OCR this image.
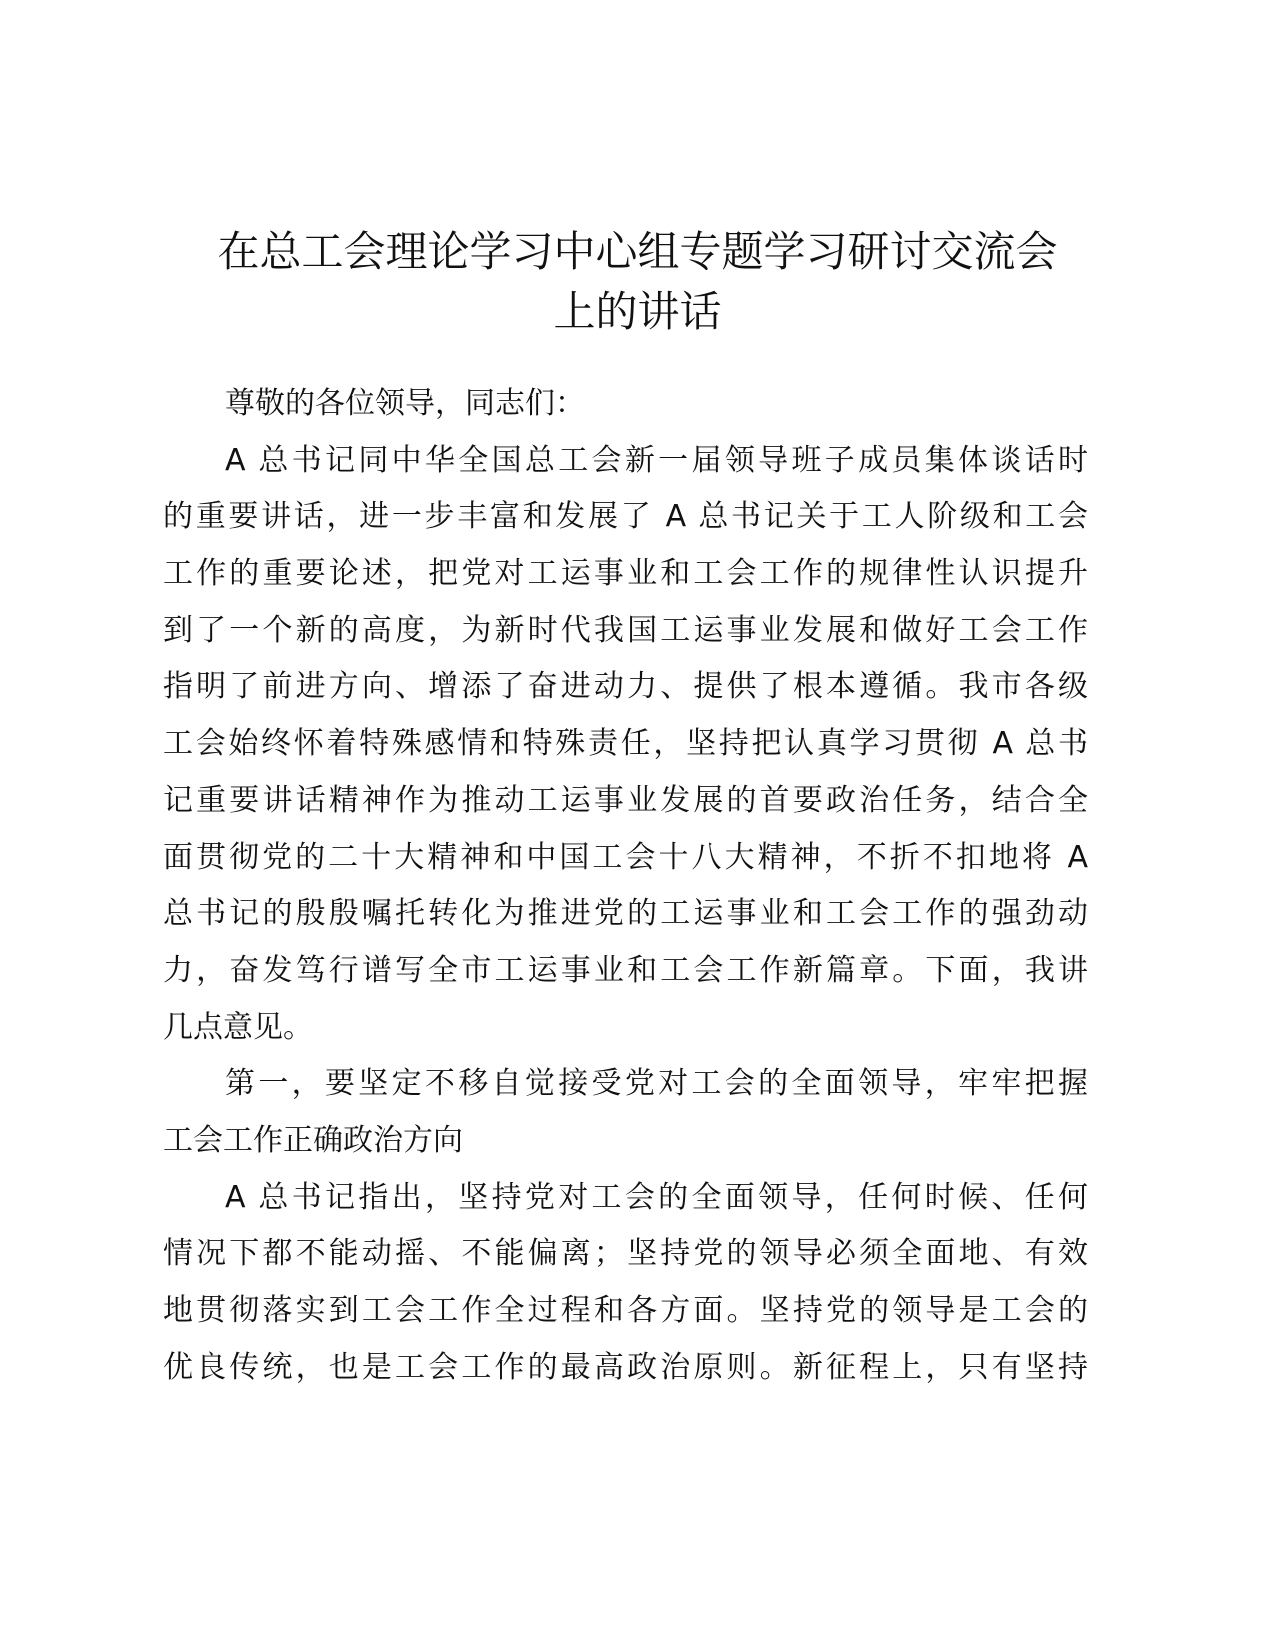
在总工会理论学习中心组专题学习研讨交流会
上的讲话

尊敬的各位领导，同志们：

A 总书记同中华全国总工会新一届领导班子成员集体谈话时
的重要讲话，进一步丰富和发展了 A 总书记关于工人阶级和工会
工作的重要论述，把党对工运事业和工会工作的规律性认识提升
到了一个新的高度，为新时代我国工运事业发展和做好工会工作
指明了前进方向、增添了奋进动力、提供了根本遵循。我市各级
工会始终怀着特殊感情和特殊责任，坚持把认真学习贯彻 A 总书
记重要讲话精神作为推动工运事业发展的首要政治任务，结合全
面贯彻党的二十大精神和中国工会十八大精神，不折不扣地将 A
总书记的殷殷嘱托转化为推进党的工运事业和工会工作的强劲动
力，奋发笃行谱写全市工运事业和工会工作新篇章。下面，我讲
几点意见。

第一，要坚定不移自觉接受党对工会的全面领导，牢牢把握
工会工作正确政治方向

A 总书记指出，坚持党对工会的全面领导，任何时候、任何
情况下都不能动摇、不能偏离；坚持党的领导必须全面地、有效
地贯彻落实到工会工作全过程和各方面。坚持党的领导是工会的
优良传统，也是工会工作的最高政治原则。新征程上，只有坚持
